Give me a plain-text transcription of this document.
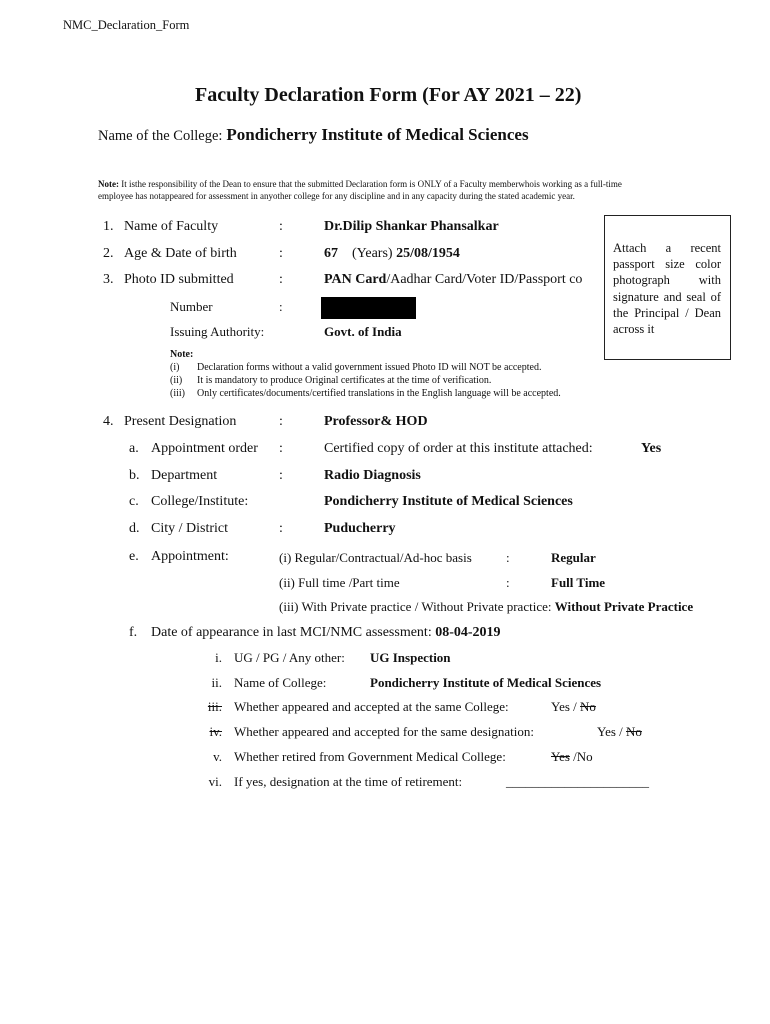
NMC_Declaration_Form
Faculty Declaration Form (For AY 2021 – 22)
Name of the College: Pondicherry Institute of Medical Sciences
Note: It isthe responsibility of the Dean to ensure that the submitted Declaration form is ONLY of a Faculty memberwhois working as a full-time
employee has notappeared for assessment in anyother college for any discipline and in any capacity during the stated academic year.
Attach a recent passport size color photograph with signature and seal of the Principal / Dean across it
1. Name of Faculty	:	Dr.Dilip Shankar Phansalkar
2. Age & Date of birth	:	67 (Years) 25/08/1954
3. Photo ID submitted	:	PAN Card/Aadhar Card/Voter ID/Passport co
Number	:
Issuing Authority:	Govt. of India
Note:
(i) Declaration forms without a valid government issued Photo ID will NOT be accepted.
(ii) It is mandatory to produce Original certificates at the time of verification.
(iii) Only certificates/documents/certified translations in the English language will be accepted.
4. Present Designation	:	Professor& HOD
a. Appointment order :	Certified copy of order at this institute attached:	Yes
b. Department	:	Radio Diagnosis
c. College/Institute:	Pondicherry Institute of Medical Sciences
d. City / District	:	Puducherry
e. Appointment:	(i) Regular/Contractual/Ad-hoc basis	:	Regular
(ii) Full time /Part time	:	Full Time
(iii) With Private practice / Without Private practice: Without Private Practice
f. Date of appearance in last MCI/NMC assessment: 08-04-2019
i. UG / PG / Any other: UG Inspection
ii. Name of College:	Pondicherry Institute of Medical Sciences
iii. Whether appeared and accepted at the same College:	Yes / No
iv. Whether appeared and accepted for the same designation:	Yes / No
v. Whether retired from Government Medical College:	Yes /No
vi. If yes, designation at the time of retirement:	______________________
